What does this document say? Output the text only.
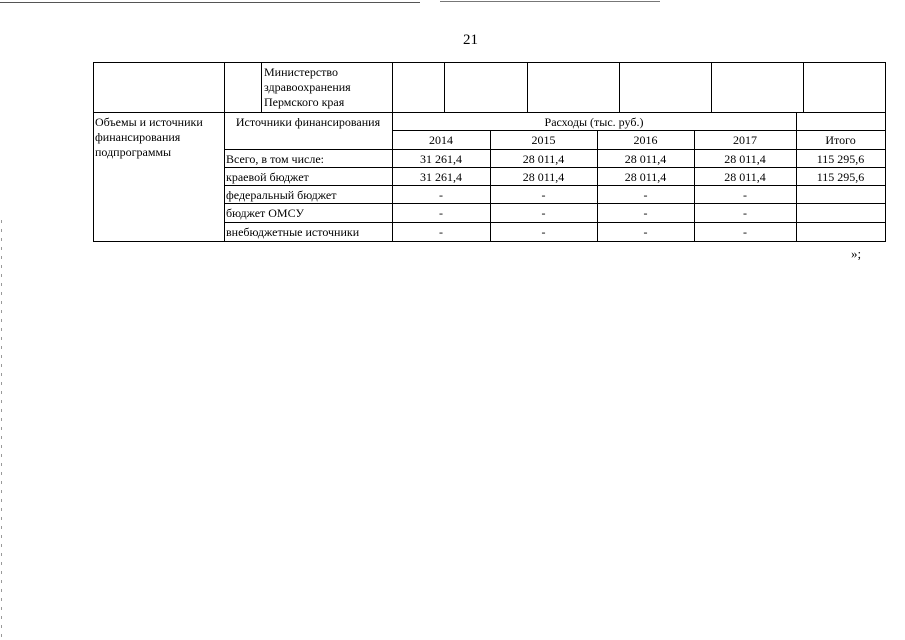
21
Министерство
здравоохранения
Пермского края
Объемы и источники
финансирования
подпрограммы
Источники финансирования	Расходы (тыс. руб.)
2014	2015	2016	2017	Итого
Всего, в том числе:	31 261,4	28 011,4	28 011,4	28 011,4	115 295,6
краевой бюджет	31 261,4	28 011,4	28 011,4	28 011,4	115 295,6
федеральный бюджет	-	-	-	-
бюджет ОМСУ	-	-	-	-
внебюджетные источники	-	-	-	-
»;
